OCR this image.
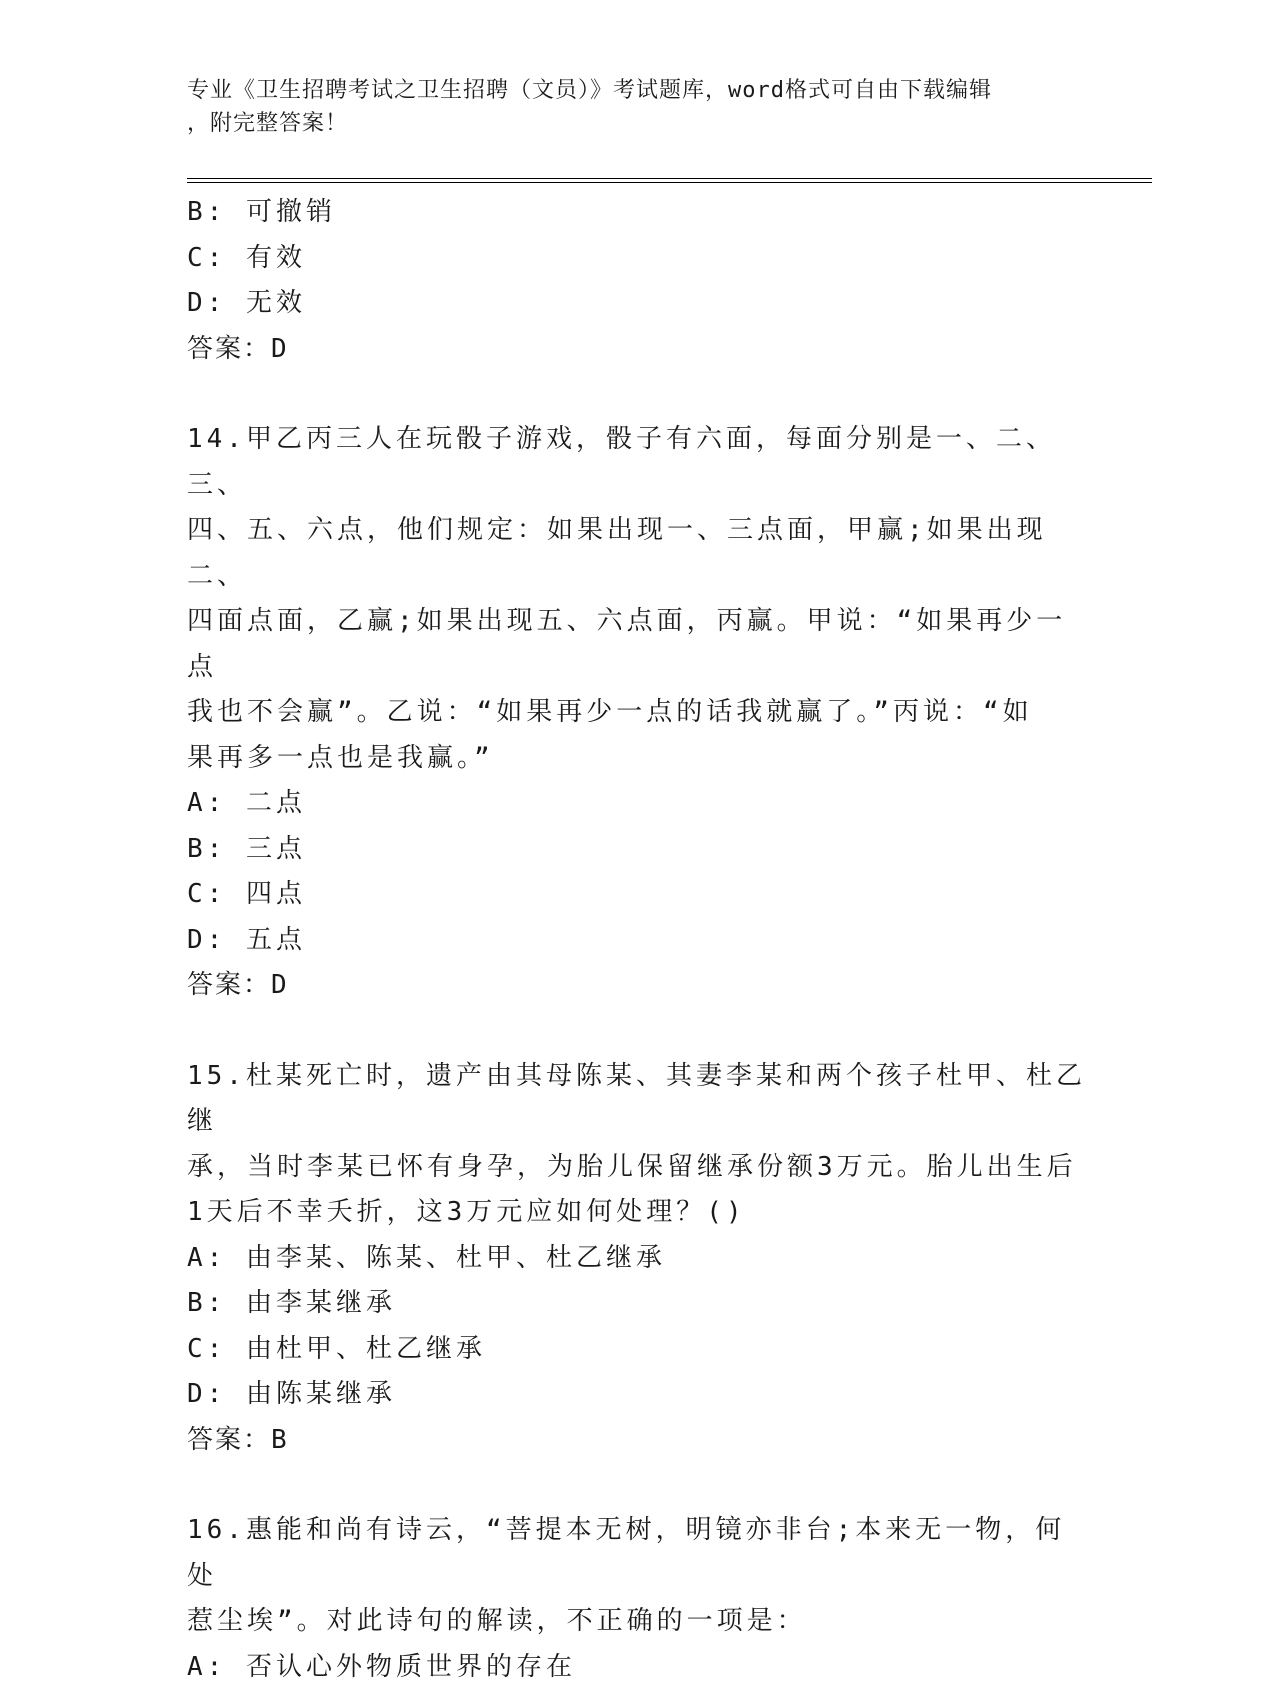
专业《卫生招聘考试之卫生招聘（文员）》考试题库，word格式可自由下载编辑
，附完整答案！
B: 可撤销
C: 有效
D: 无效
答案：D
14.甲乙丙三人在玩骰子游戏，骰子有六面，每面分别是一、二、三、
四、五、六点，他们规定：如果出现一、三点面，甲赢;如果出现二、
四面点面，乙赢;如果出现五、六点面，丙赢。甲说：“如果再少一点
我也不会赢”。乙说：“如果再少一点的话我就赢了。”丙说：“如
果再多一点也是我赢。”
A: 二点
B: 三点
C: 四点
D: 五点
答案：D
15.杜某死亡时，遗产由其母陈某、其妻李某和两个孩子杜甲、杜乙继
承，当时李某已怀有身孕，为胎儿保留继承份额3万元。胎儿出生后
1天后不幸夭折，这3万元应如何处理？()
A: 由李某、陈某、杜甲、杜乙继承
B: 由李某继承
C: 由杜甲、杜乙继承
D: 由陈某继承
答案：B
16.惠能和尚有诗云，“菩提本无树，明镜亦非台;本来无一物，何处
惹尘埃”。对此诗句的解读，不正确的一项是：
A: 否认心外物质世界的存在
